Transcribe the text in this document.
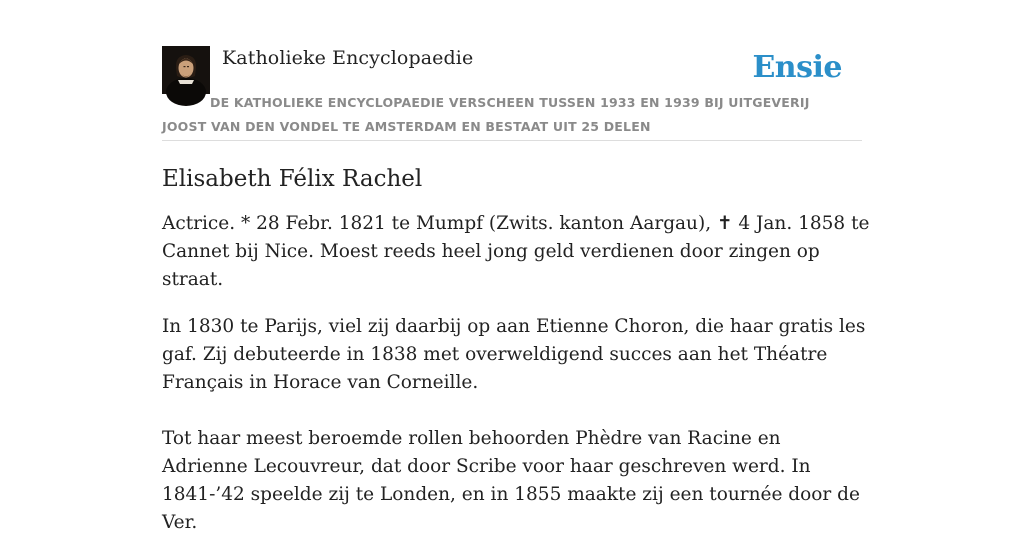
Katholieke Encyclopaedie	Ensie
DE KATHOLIEKE ENCYCLOPAEDIE VERSCHEEN TUSSEN 1933 EN 1939 BIJ UITGEVERIJ JOOST VAN DEN VONDEL TE AMSTERDAM EN BESTAAT UIT 25 DELEN
Elisabeth Félix Rachel

Actrice. * 28 Febr. 1821 te Mumpf (Zwits. kanton Aargau), ✝ 4 Jan. 1858 te Cannet bij Nice. Moest reeds heel jong geld verdienen door zingen op straat.

In 1830 te Parijs, viel zij daarbij op aan Etienne Choron, die haar gratis les gaf. Zij debuteerde in 1838 met overweldigend succes aan het Théatre Français in Horace van Corneille.

Tot haar meest beroemde rollen behoorden Phèdre van Racine en Adrienne Lecouvreur, dat door Scribe voor haar geschreven werd. In 1841-’42 speelde zij te Londen, en in 1855 maakte zij een tournée door de Ver.
